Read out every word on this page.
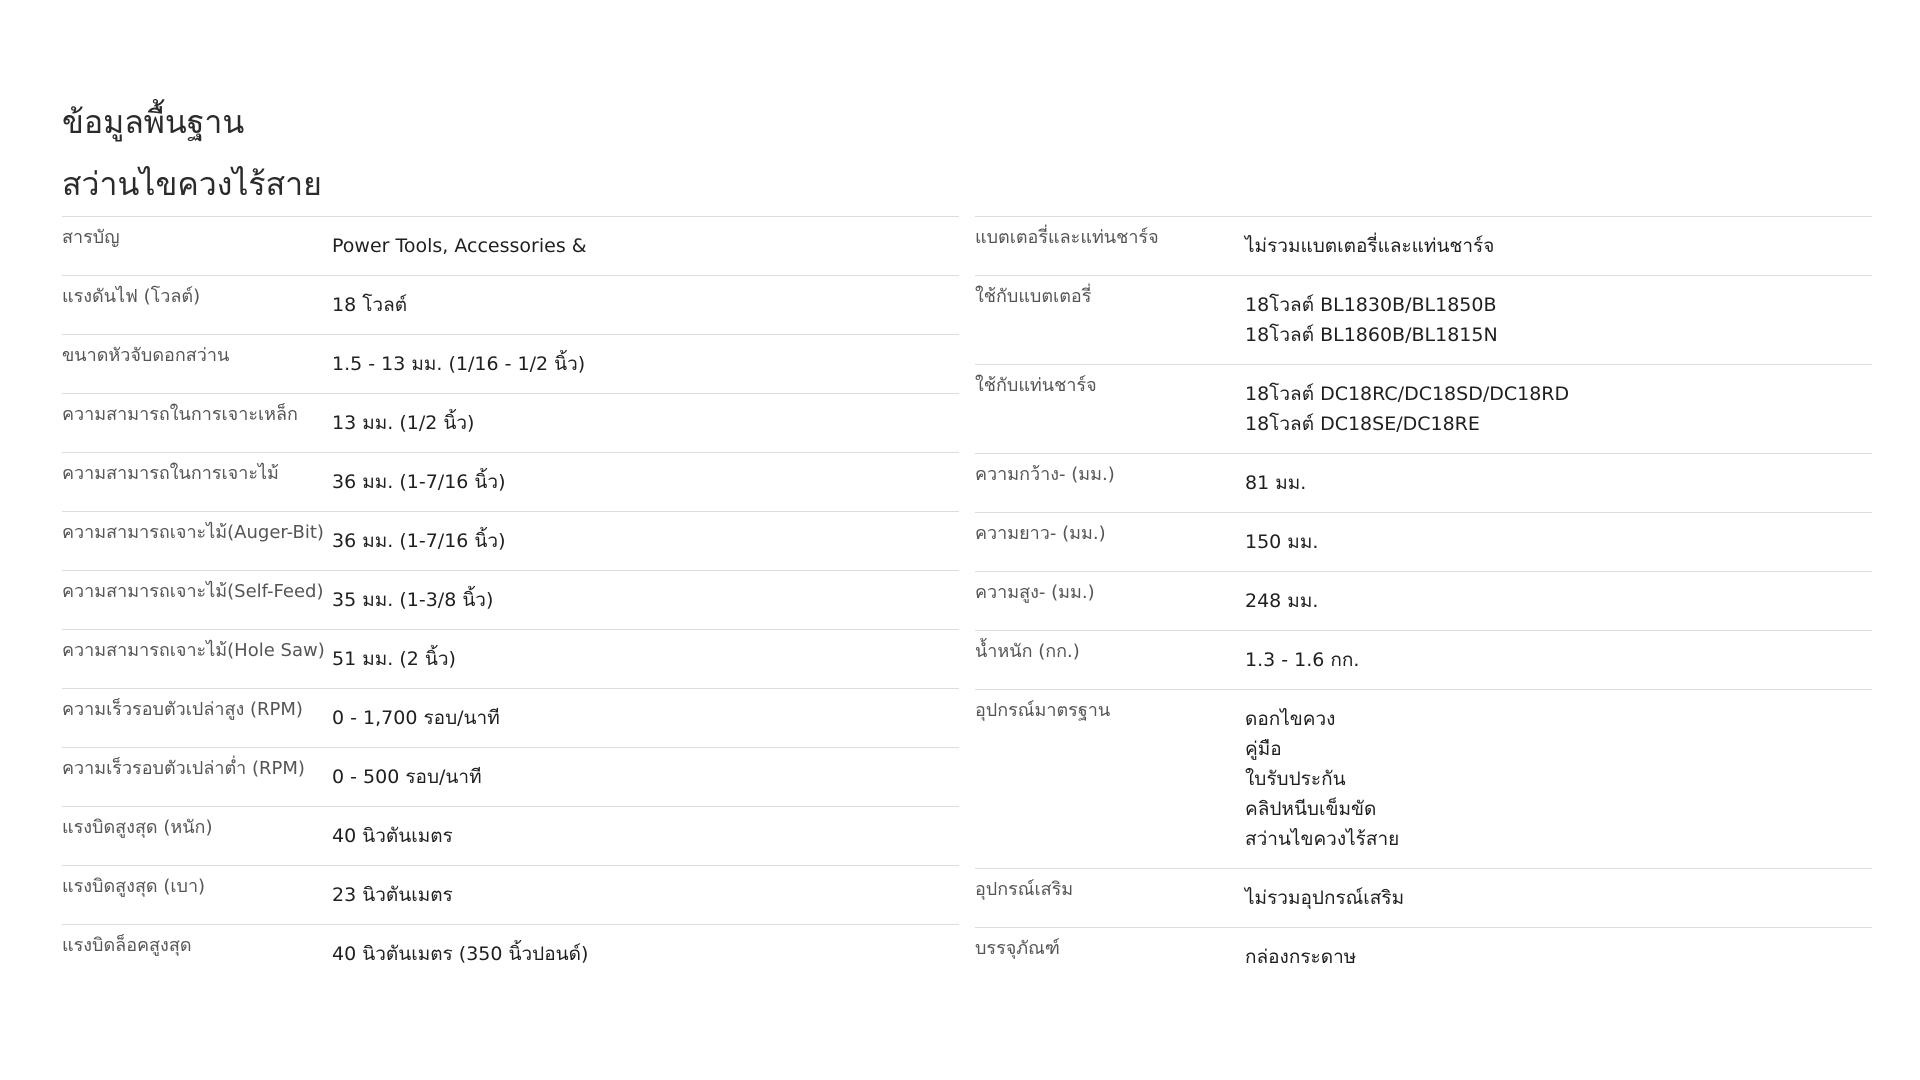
ข้อมูลพื้นฐาน
สว่านไขควงไร้สาย
สารบัญ	Power Tools, Accessories &
แรงดันไฟ (โวลต์)	18 โวลต์
ขนาดหัวจับดอกสว่าน	1.5 - 13 มม. (1/16 - 1/2 นิ้ว)
ความสามารถในการเจาะเหล็ก	13 มม. (1/2 นิ้ว)
ความสามารถในการเจาะไม้	36 มม. (1-7/16 นิ้ว)
ความสามารถเจาะไม้(Auger-Bit) 36 มม. (1-7/16 นิ้ว)
ความสามารถเจาะไม้(Self-Feed) 35 มม. (1-3/8 นิ้ว)
ความสามารถเจาะไม้(Hole Saw) 51 มม. (2 นิ้ว)
ความเร็วรอบตัวเปล่าสูง (RPM)	0 - 1,700 รอบ/นาที
ความเร็วรอบตัวเปล่าต่ำ (RPM)	0 - 500 รอบ/นาที
แรงบิดสูงสุด (หนัก)	40 นิวตันเมตร
แรงบิดสูงสุด (เบา)	23 นิวตันเมตร
แรงบิดล็อคสูงสุด	40 นิวตันเมตร (350 นิ้วปอนด์)
แบตเตอรี่และแท่นชาร์จ	ไม่รวมแบตเตอรี่และแท่นชาร์จ
ใช้กับแบตเตอรี่	18โวลต์ BL1830B/BL1850B
18โวลต์ BL1860B/BL1815N
ใช้กับแท่นชาร์จ	18โวลต์ DC18RC/DC18SD/DC18RD
18โวลต์ DC18SE/DC18RE
ความกว้าง- (มม.)	81 มม.
ความยาว- (มม.)	150 มม.
ความสูง- (มม.)	248 มม.
น้ำหนัก (กก.)	1.3 - 1.6 กก.
อุปกรณ์มาตรฐาน	ดอกไขควง
คู่มือ
ใบรับประกัน
คลิปหนีบเข็มขัด
สว่านไขควงไร้สาย
อุปกรณ์เสริม	ไม่รวมอุปกรณ์เสริม
บรรจุภัณฑ์	กล่องกระดาษ
